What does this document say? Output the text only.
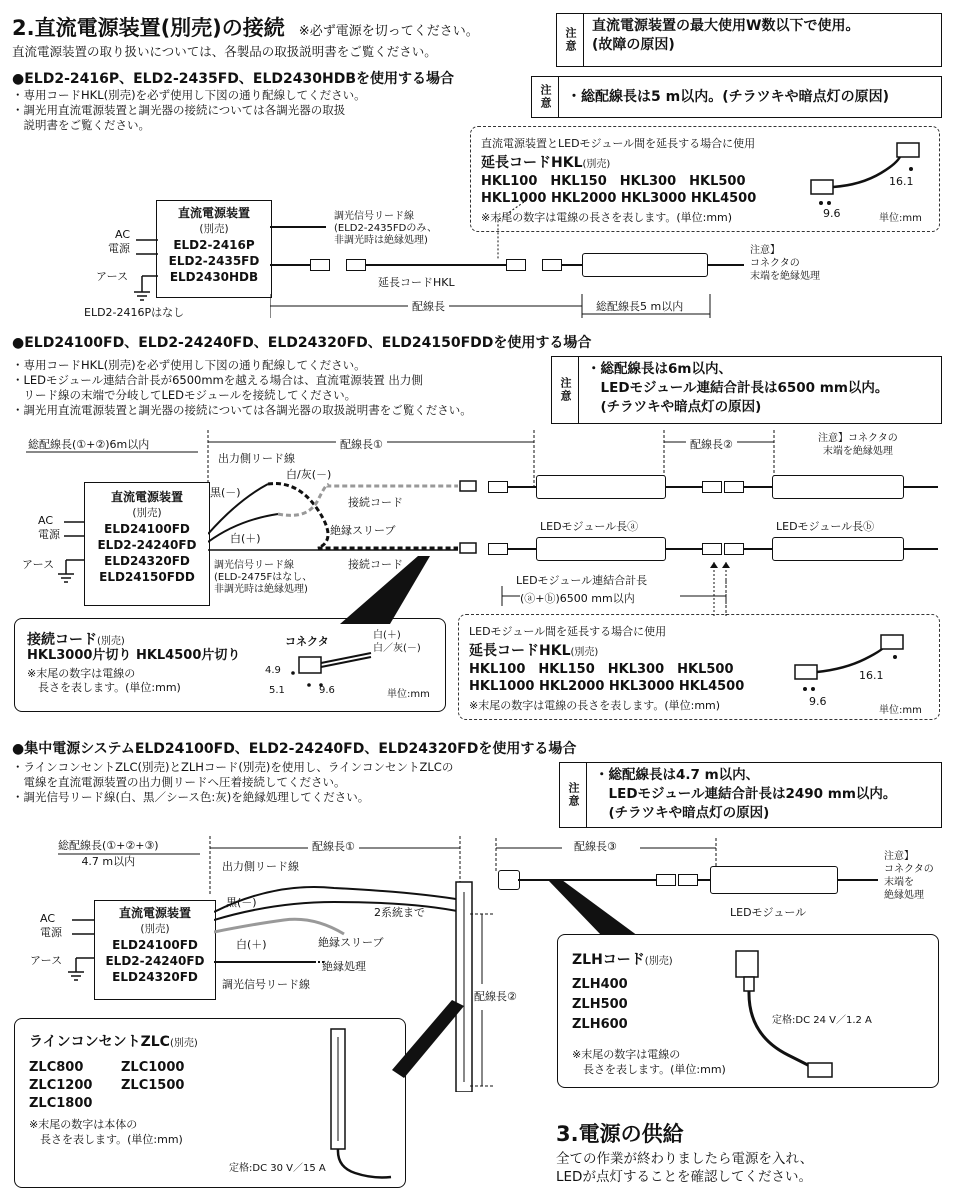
2.直流電源装置(別売)の接続 ※必ず電源を切ってください。
直流電源装置の取り扱いについては、各製品の取扱説明書をご覧ください。	注意
直流電源装置の最大使用W数以下で使用。
(故障の原因)
注意	・総配線長は5 m以内。(チラツキや暗点灯の原因)
●ELD2-2416P、ELD2-2435FD、ELD2430HDBを使用する場合
・専用コードHKL(別売)を必ず使用し下図の通り配線してください。
・調光用直流電源装置と調光器の接続については各調光器の取扱
　説明書をご覧ください。
直流電源装置とLEDモジュール間を延長する場合に使用
延長コードHKL(別売)
HKL100　HKL150　HKL300　HKL500
HKL1000 HKL2000 HKL3000 HKL4500
※末尾の数字は電線の長さを表します。(単位:mm)
16.1
9.6	単位:mm
直流電源装置
(別売)
ELD2-2416P
ELD2-2435FD
ELD2430HDB
AC
電源
アース
ELD2-2416Pはなし
調光信号リード線
(ELD2-2435FDのみ、
非調光時は絶縁処理)
延長コードHKL
注意】
コネクタの
末端を絶縁処理
配線長	総配線長5 m以内
●ELD24100FD、ELD2-24240FD、ELD24320FD、ELD24150FDDを使用する場合
・専用コードHKL(別売)を必ず使用し下図の通り配線してください。
・LEDモジュール連結合計長が6500mmを越える場合は、直流電源装置 出力側
　リード線の末端で分岐してLEDモジュールを接続してください。
・調光用直流電源装置と調光器の接続については各調光器の取扱説明書をご覧ください。
注意
・総配線長は6m以内、
　LEDモジュール連結合計長は6500 mm以内。
　(チラツキや暗点灯の原因)
総配線長(①+②)6m以内	配線長①	配線長②	注意】コネクタの
末端を絶縁処理
直流電源装置
(別売)
ELD24100FD
ELD2-24240FD
ELD24320FD
ELD24150FDD
AC
電源
アース
出力側リード線
白/灰(－)
黒(－)
白(＋)
接続コード
絶縁スリーブ
接続コード
調光信号リード線
(ELD-2475Fはなし、
非調光時は絶縁処理)
LEDモジュール長ⓐ	LEDモジュール長ⓑ
LEDモジュール連結合計長
(ⓐ+ⓑ)6500 mm以内
接続コード(別売)
HKL3000片切り HKL4500片切り
※末尾の数字は電線の
　長さを表します。(単位:mm)
コネクタ	白(＋)
白／灰(－)
4.9
5.1	9.6	単位:mm
LEDモジュール間を延長する場合に使用
延長コードHKL(別売)
HKL100　HKL150　HKL300　HKL500
HKL1000 HKL2000 HKL3000 HKL4500
※末尾の数字は電線の長さを表します。(単位:mm)
16.1
9.6
単位:mm
●集中電源システムELD24100FD、ELD2-24240FD、ELD24320FDを使用する場合
・ラインコンセントZLC(別売)とZLHコード(別売)を使用し、ラインコンセントZLCの
　電線を直流電源装置の出力側リードへ圧着接続してください。
・調光信号リード線(白、黒／シース色:灰)を絶縁処理してください。	注意
・総配線長は4.7 m以内、
　LEDモジュール連結合計長は2490 mm以内。
　(チラツキや暗点灯の原因)
総配線長(①+②+③)
4.7 m以内
配線長①
出力側リード線
黒(－)
白(＋)
2系統まで
絶縁スリーブ
絶縁処理
調光信号リード線
直流電源装置
(別売)
ELD24100FD
ELD2-24240FD
ELD24320FD
AC
電源
アース
配線長②
配線長③
LEDモジュール
注意】
コネクタの
末端を
絶縁処理
ZLHコード(別売)
ZLH400
ZLH500
ZLH600
※末尾の数字は電線の
　長さを表します。(単位:mm)
定格:DC 24 V／1.2 A
ラインコンセントZLC(別売)
ZLC800	ZLC1000
ZLC1200 ZLC1500
ZLC1800
※末尾の数字は本体の
　長さを表します。(単位:mm)
定格:DC 30 V／15 A
3.電源の供給
全ての作業が終わりましたら電源を入れ、
LEDが点灯することを確認してください。
